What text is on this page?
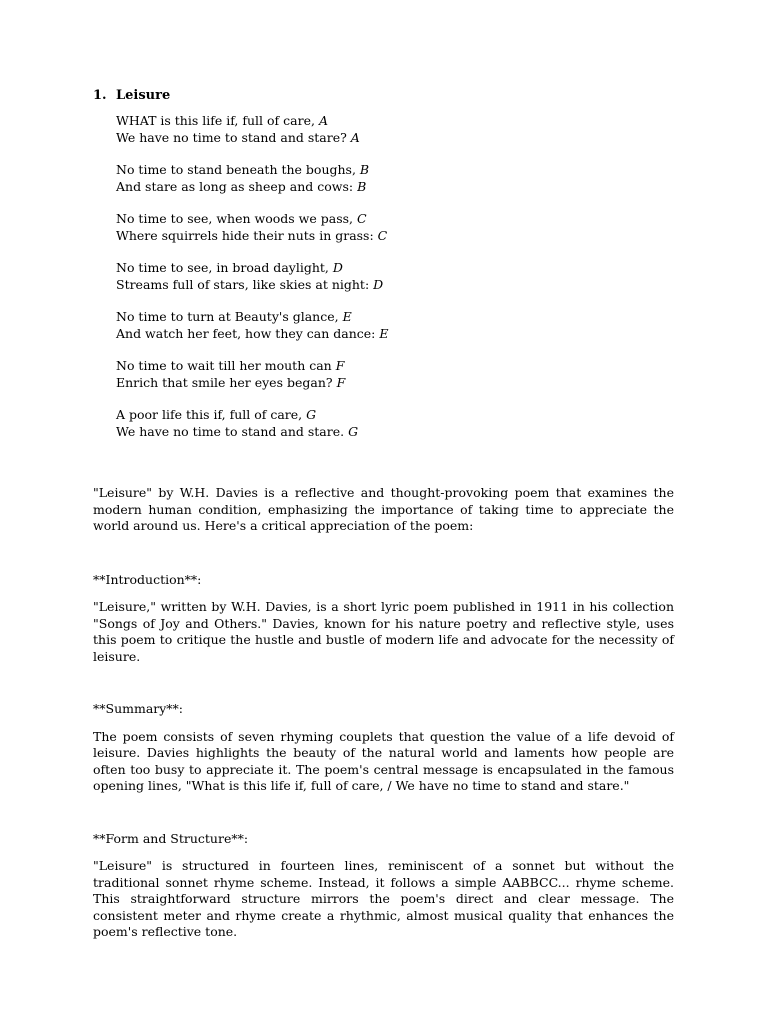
1. Leisure
WHAT is this life if, full of care, A
We have no time to stand and stare? A
No time to stand beneath the boughs, B
And stare as long as sheep and cows: B
No time to see, when woods we pass, C
Where squirrels hide their nuts in grass: C
No time to see, in broad daylight, D
Streams full of stars, like skies at night: D
No time to turn at Beauty's glance, E
And watch her feet, how they can dance: E
No time to wait till her mouth can F
Enrich that smile her eyes began? F
A poor life this if, full of care, G
We have no time to stand and stare. G
"Leisure" by W.H. Davies is a reflective and thought-provoking poem that examines the modern human condition, emphasizing the importance of taking time to appreciate the world around us. Here's a critical appreciation of the poem:
**Introduction**:
"Leisure," written by W.H. Davies, is a short lyric poem published in 1911 in his collection "Songs of Joy and Others." Davies, known for his nature poetry and reflective style, uses this poem to critique the hustle and bustle of modern life and advocate for the necessity of leisure.
**Summary**:
The poem consists of seven rhyming couplets that question the value of a life devoid of leisure. Davies highlights the beauty of the natural world and laments how people are often too busy to appreciate it. The poem's central message is encapsulated in the famous opening lines, "What is this life if, full of care, / We have no time to stand and stare."
**Form and Structure**:
"Leisure" is structured in fourteen lines, reminiscent of a sonnet but without the traditional sonnet rhyme scheme. Instead, it follows a simple AABBCC... rhyme scheme. This straightforward structure mirrors the poem's direct and clear message. The consistent meter and rhyme create a rhythmic, almost musical quality that enhances the poem's reflective tone.
